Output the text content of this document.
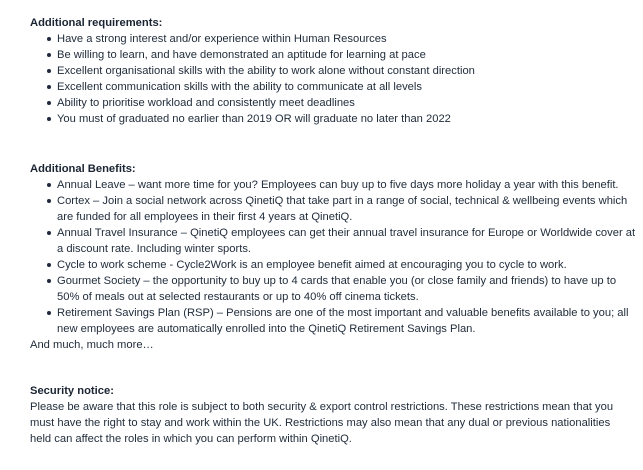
Additional requirements:

Have a strong interest and/or experience within Human Resources
Be willing to learn, and have demonstrated an aptitude for learning at pace
Excellent organisational skills with the ability to work alone without constant direction
Excellent communication skills with the ability to communicate at all levels
Ability to prioritise workload and consistently meet deadlines
You must of graduated no earlier than 2019 OR will graduate no later than 2022

Additional Benefits:

Annual Leave – want more time for you? Employees can buy up to five days more holiday a year with this benefit.
Cortex – Join a social network across QinetiQ that take part in a range of social, technical & wellbeing events which are funded for all employees in their first 4 years at QinetiQ.
Annual Travel Insurance – QinetiQ employees can get their annual travel insurance for Europe or Worldwide cover at a discount rate. Including winter sports.
Cycle to work scheme - Cycle2Work is an employee benefit aimed at encouraging you to cycle to work.
Gourmet Society – the opportunity to buy up to 4 cards that enable you (or close family and friends) to have up to 50% of meals out at selected restaurants or up to 40% off cinema tickets.
Retirement Savings Plan (RSP) – Pensions are one of the most important and valuable benefits available to you; all new employees are automatically enrolled into the QinetiQ Retirement Savings Plan.

And much, much more…

Security notice:

Please be aware that this role is subject to both security & export control restrictions. These restrictions mean that you must have the right to stay and work within the UK. Restrictions may also mean that any dual or previous nationalities held can affect the roles in which you can perform within QinetiQ.
